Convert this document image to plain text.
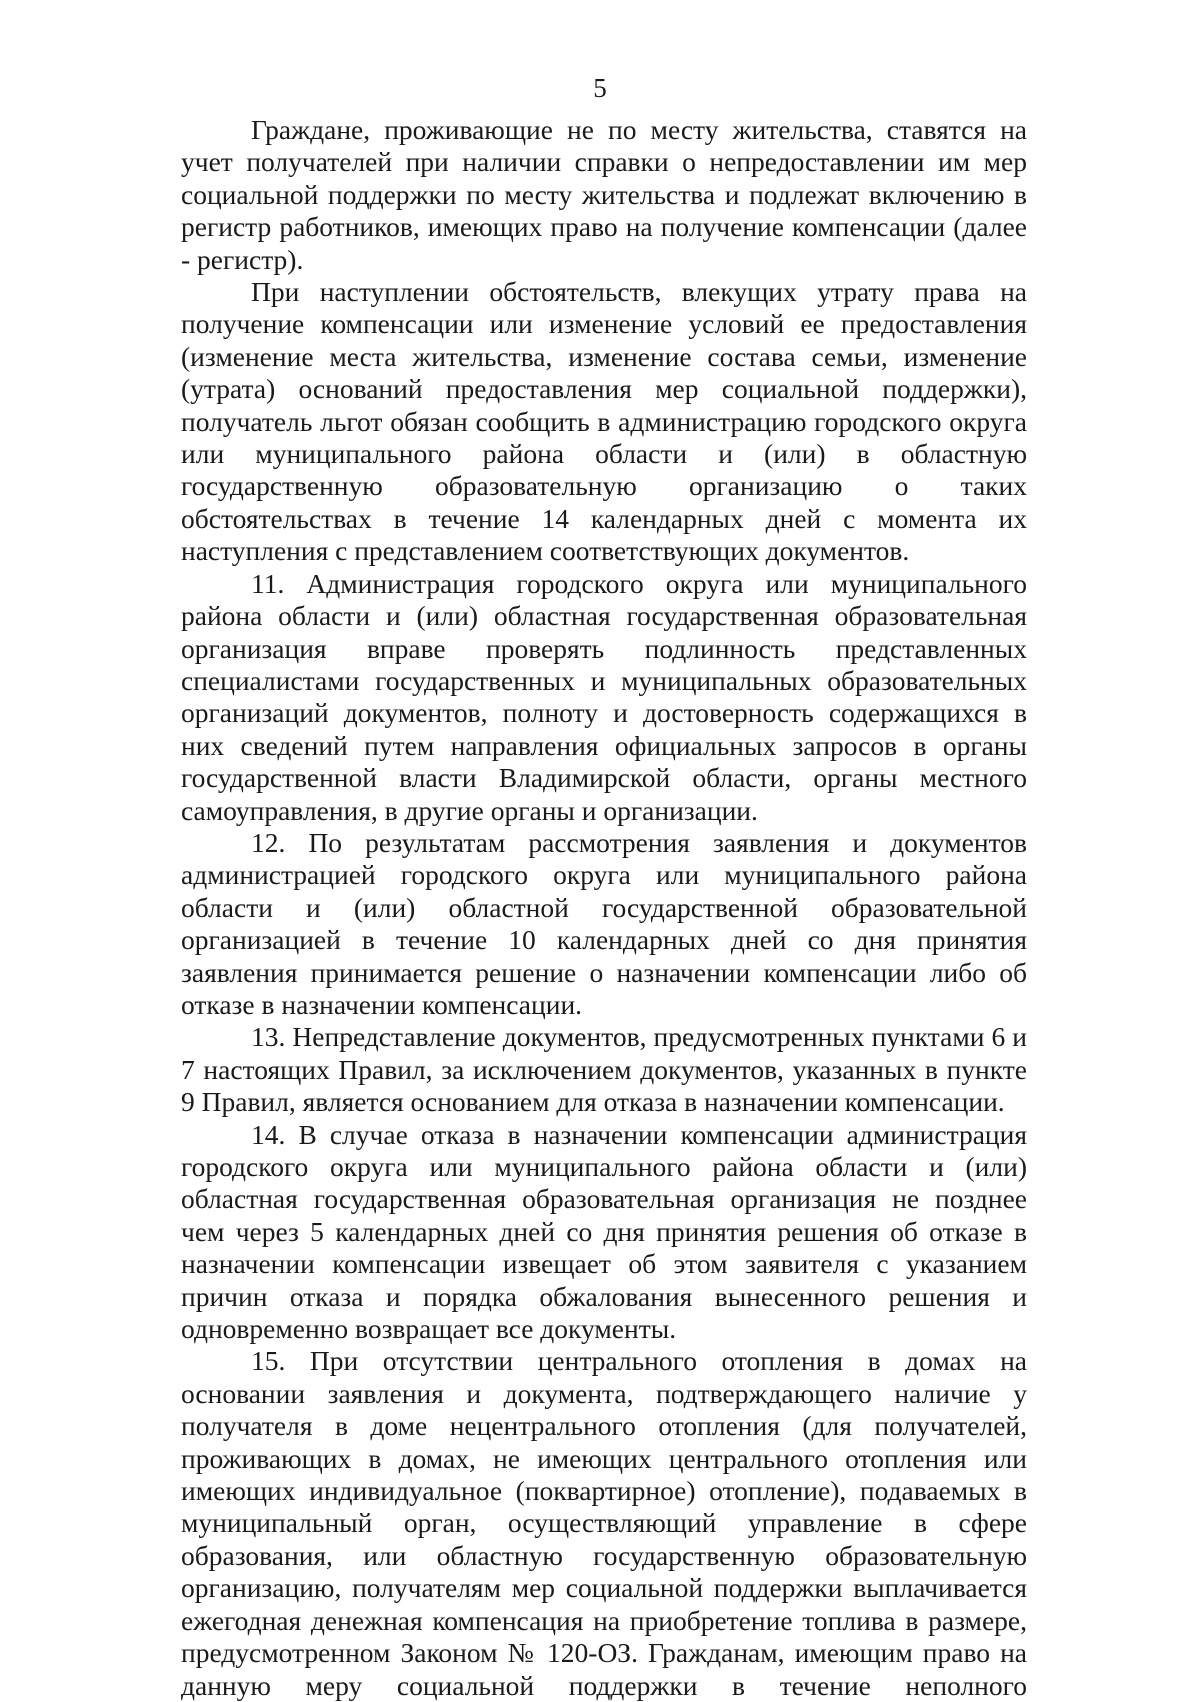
5

Граждане, проживающие не по месту жительства, ставятся на учет получателей при наличии справки о непредоставлении им мер социальной поддержки по месту жительства и подлежат включению в регистр работников, имеющих право на получение компенсации (далее - регистр).

При наступлении обстоятельств, влекущих утрату права на получение компенсации или изменение условий ее предоставления (изменение места жительства, изменение состава семьи, изменение (утрата) оснований предоставления мер социальной поддержки), получатель льгот обязан сообщить в администрацию городского округа или муниципального района области и (или) в областную государственную образовательную организацию о таких обстоятельствах в течение 14 календарных дней с момента их наступления с представлением соответствующих документов.

11. Администрация городского округа или муниципального района области и (или) областная государственная образовательная организация вправе проверять подлинность представленных специалистами государственных и муниципальных образовательных организаций документов, полноту и достоверность содержащихся в них сведений путем направления официальных запросов в органы государственной власти Владимирской области, органы местного самоуправления, в другие органы и организации.

12. По результатам рассмотрения заявления и документов администрацией городского округа или муниципального района области и (или) областной государственной образовательной организацией в течение 10 календарных дней со дня принятия заявления принимается решение о назначении компенсации либо об отказе в назначении компенсации.

13. Непредставление документов, предусмотренных пунктами 6 и 7 настоящих Правил, за исключением документов, указанных в пункте 9 Правил, является основанием для отказа в назначении компенсации.

14. В случае отказа в назначении компенсации администрация городского округа или муниципального района области и (или) областная государственная образовательная организация не позднее чем через 5 календарных дней со дня принятия решения об отказе в назначении компенсации извещает об этом заявителя с указанием причин отказа и порядка обжалования вынесенного решения и одновременно возвращает все документы.

15. При отсутствии центрального отопления в домах на основании заявления и документа, подтверждающего наличие у получателя в доме нецентрального отопления (для получателей, проживающих в домах, не имеющих центрального отопления или имеющих индивидуальное (поквартирное) отопление), подаваемых в муниципальный орган, осуществляющий управление в сфере образования, или областную государственную образовательную организацию, получателям мер социальной поддержки выплачивается ежегодная денежная компенсация на приобретение топлива в размере, предусмотренном Законом № 120-ОЗ. Гражданам, имеющим право на данную меру социальной поддержки в течение неполного
